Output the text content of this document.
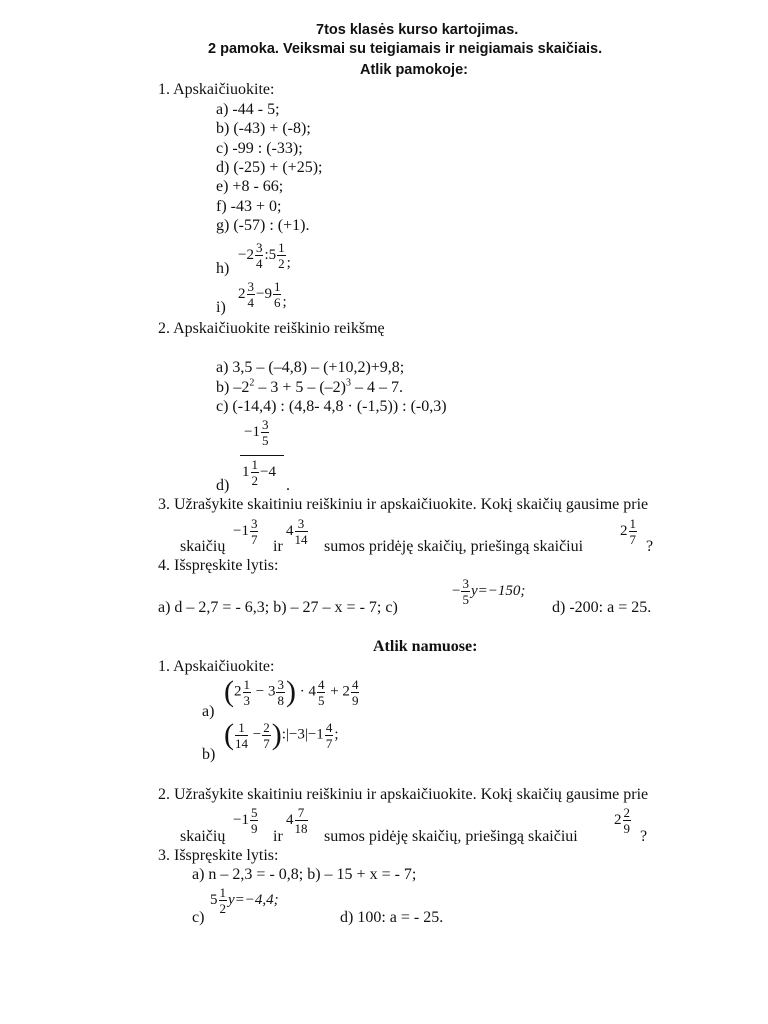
7tos klasės kurso kartojimas.
2 pamoka. Veiksmai su teigiamais ir neigiamais skaičiais.
Atlik pamokoje:
1. Apskaičiuokite:
a) -44 - 5;
b) (-43) + (-8);
c) -99 : (-33);
d) (-25) + (+25);
e) +8 - 66;
f) -43 + 0;
g) (-57) : (+1).
h)
$-2 \frac{3}{4}$ :5 $\frac{1}{2}$ ;
i)
$2 \frac{3}{4} -9 \frac{1}{6}$ ;
2. Apskaičiuokite reiškinio reikšmę
a) 3,5 – (–4,8) – (+10,2)+9,8;
b) $-2^2 - 3 + 5 - (-2)^3 - 4 - 7$.
c) (-14,4) : (4,8- 4,8 · (-1,5)) : (-0,3)
$-1 \frac{3}{5}$
$1 \frac{1}{2} -4$
d)	.
3. Užrašykite skaitiniu reiškiniu ir apskaičiuokite. Kokį skaičių gausime prie
skaičių
$-1 \frac{3}{7}$
ir
$4 \frac{3}{14}$
sumos pridėję skaičių, priešingą skaičiui
$2 \frac{1}{7}$
?
4. Išspręskite lytis:
a) d – 2,7 = - 6,3; b) – 27 – x = - 7; c)
− $\frac{3}{5} y=-150$;
d) -200: a = 25.
Atlik namuose:
1. Apskaičiuokite:
a)
($2 \frac{1}{3} - 3 \frac{3}{8}$ ) · $4 \frac{4}{5} + 2 \frac{4}{9}$
b)
( $\frac{1}{14} - \frac{2}{7}$ ):|−3|−1 $\frac{4}{7}$ ;
2. Užrašykite skaitiniu reiškiniu ir apskaičiuokite. Kokį skaičių gausime prie
skaičių
$-1 \frac{5}{9}$
ir
$4 \frac{7}{18}$
sumos pidėję skaičių, priešingą skaičiui
$2 \frac{2}{9}$
?
3. Išspręskite lytis:
a) n – 2,3 = - 0,8; b) – 15 + x = - 7;
c)
$5 \frac{1}{2} y=-4,4$;
d) 100: a = - 25.
